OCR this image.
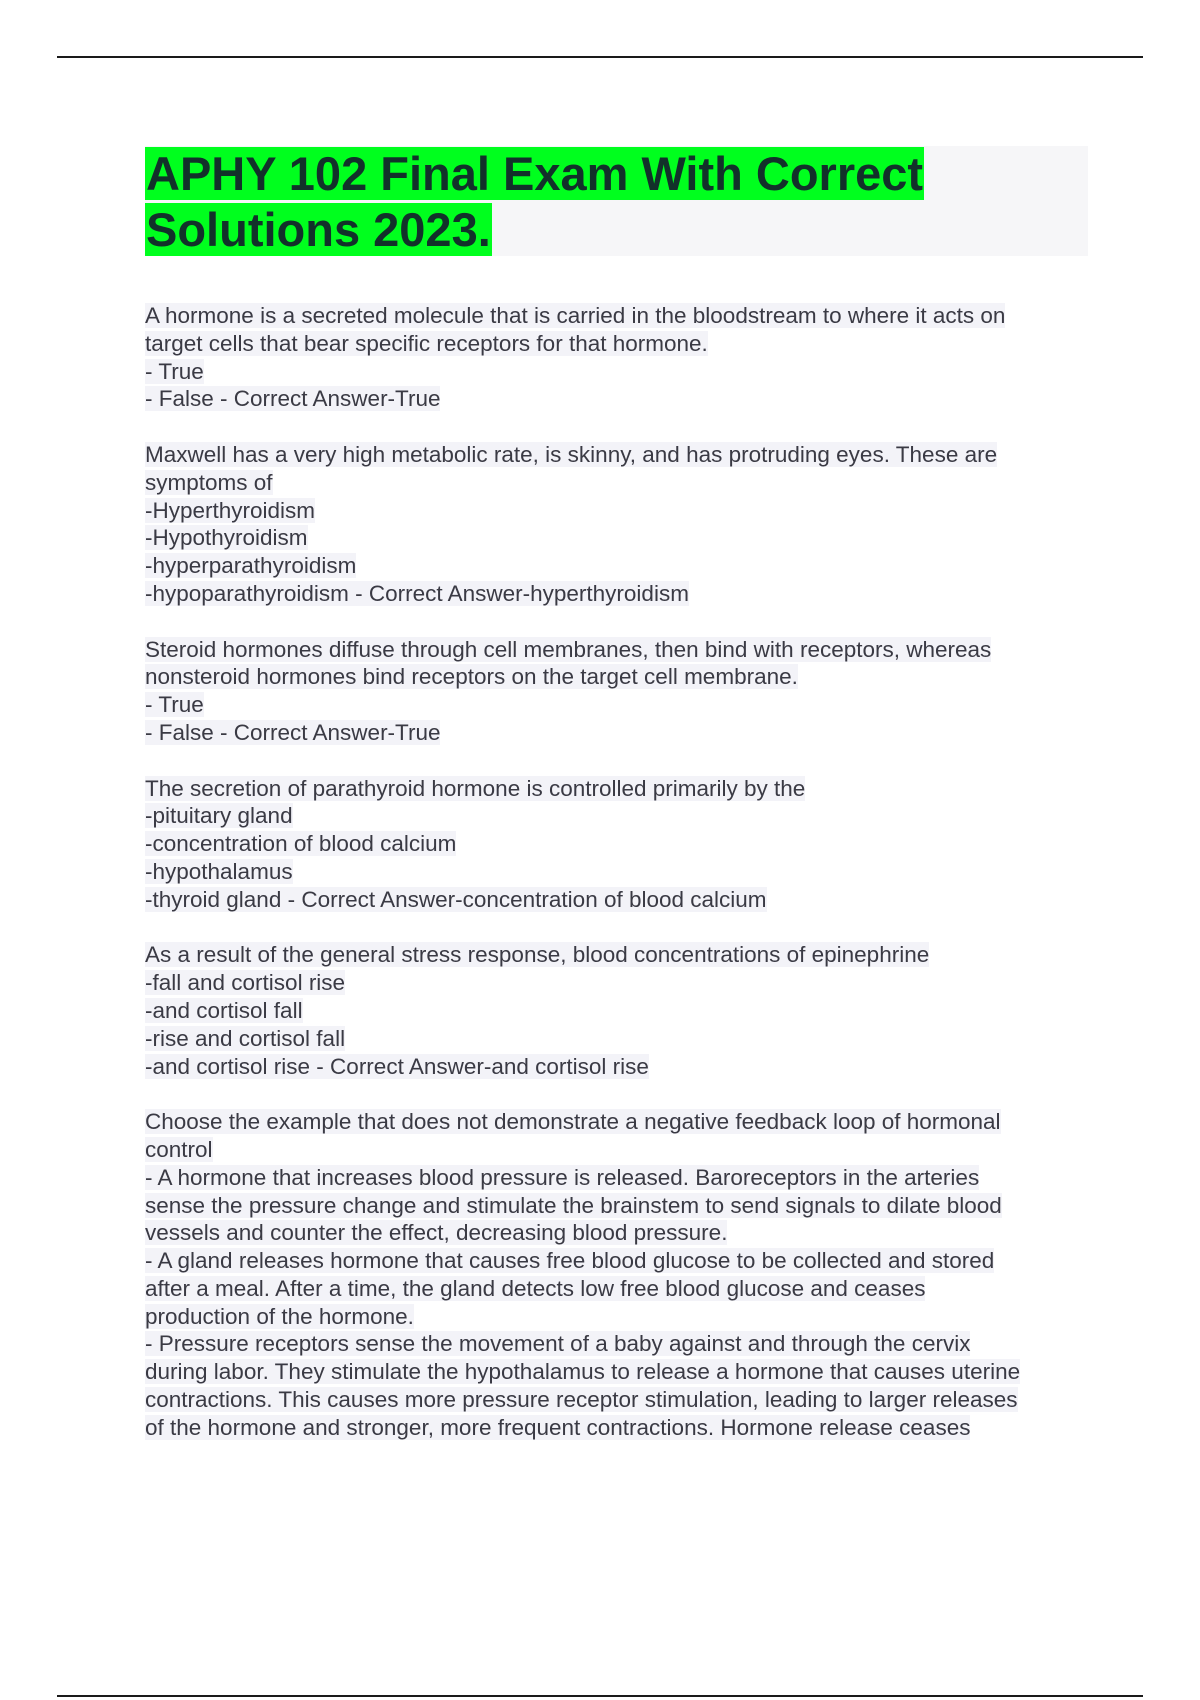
APHY 102 Final Exam With Correct
Solutions 2023.
A hormone is a secreted molecule that is carried in the bloodstream to where it acts on
target cells that bear specific receptors for that hormone.
- True
- False - Correct Answer-True
Maxwell has a very high metabolic rate, is skinny, and has protruding eyes. These are
symptoms of
-Hyperthyroidism
-Hypothyroidism
-hyperparathyroidism
-hypoparathyroidism - Correct Answer-hyperthyroidism
Steroid hormones diffuse through cell membranes, then bind with receptors, whereas
nonsteroid hormones bind receptors on the target cell membrane.
- True
- False - Correct Answer-True
The secretion of parathyroid hormone is controlled primarily by the
-pituitary gland
-concentration of blood calcium
-hypothalamus
-thyroid gland - Correct Answer-concentration of blood calcium
As a result of the general stress response, blood concentrations of epinephrine
-fall and cortisol rise
-and cortisol fall
-rise and cortisol fall
-and cortisol rise - Correct Answer-and cortisol rise
Choose the example that does not demonstrate a negative feedback loop of hormonal
control
- A hormone that increases blood pressure is released. Baroreceptors in the arteries
sense the pressure change and stimulate the brainstem to send signals to dilate blood
vessels and counter the effect, decreasing blood pressure.
- A gland releases hormone that causes free blood glucose to be collected and stored
after a meal. After a time, the gland detects low free blood glucose and ceases
production of the hormone.
- Pressure receptors sense the movement of a baby against and through the cervix
during labor. They stimulate the hypothalamus to release a hormone that causes uterine
contractions. This causes more pressure receptor stimulation, leading to larger releases
of the hormone and stronger, more frequent contractions. Hormone release ceases
